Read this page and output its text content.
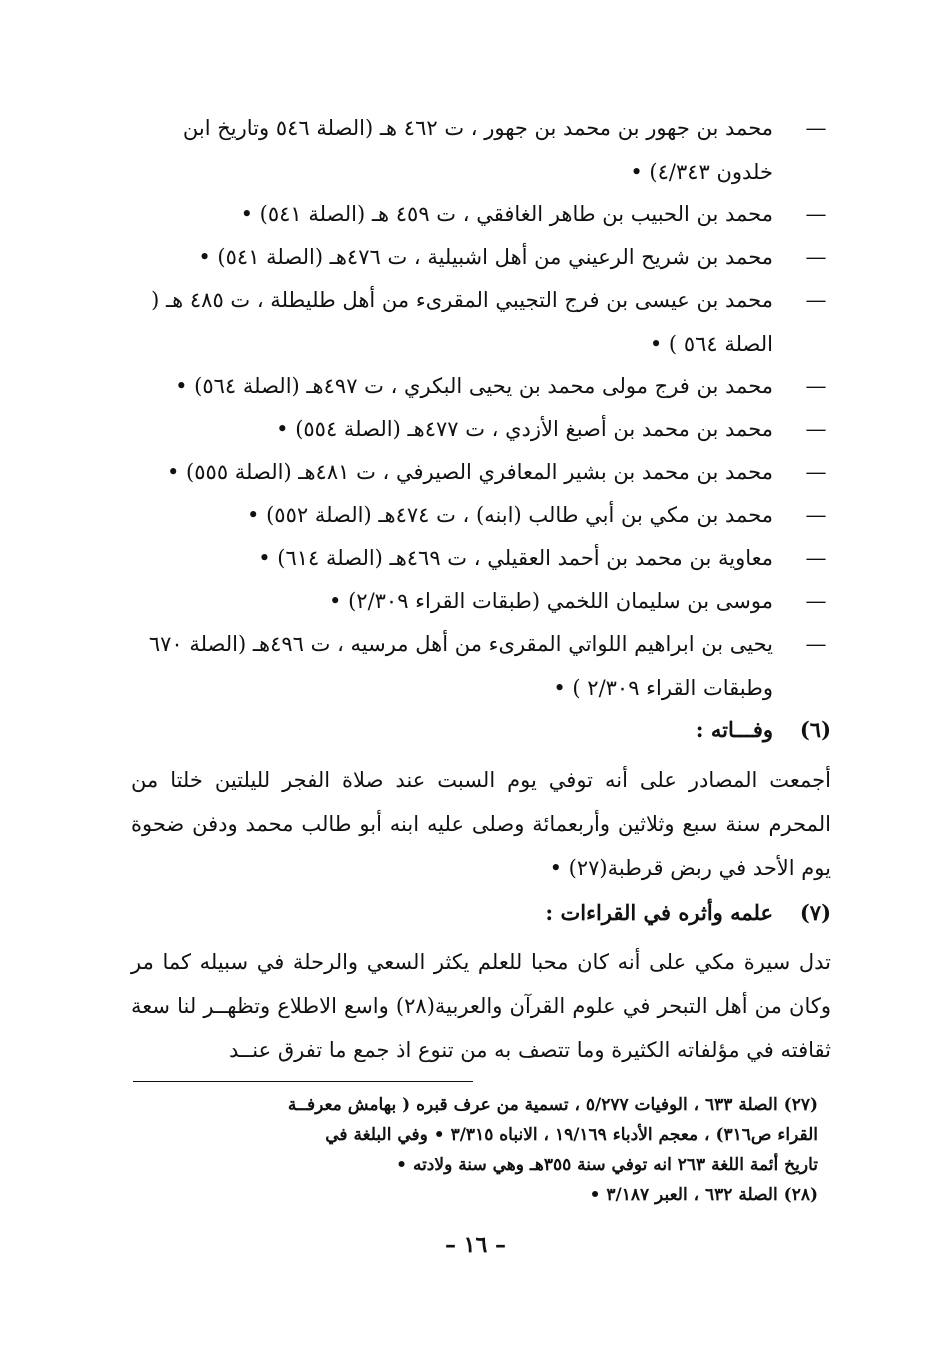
—
محمد بن جهور بن محمد بن جهور ، ت ٤٦٢ هـ (الصلة ٥٤٦ وتاريخ ابن خلدون ٤/٣٤٣) •
—
محمد بن الحبيب بن طاهر الغافقي ، ت ٤٥٩ هـ (الصلة ٥٤١) •
—
محمد بن شريح الرعيني من أهل اشبيلية ، ت ٤٧٦هـ (الصلة ٥٤١) •
—
محمد بن عيسى بن فرج التجيبي المقرىء من أهل طليطلة ، ت ٤٨٥ هـ ( الصلة ٥٦٤ ) •
—
محمد بن فرج مولى محمد بن يحيى البكري ، ت ٤٩٧هـ (الصلة ٥٦٤) •
—
محمد بن محمد بن أصبغ الأزدي ، ت ٤٧٧هـ (الصلة ٥٥٤) •
—
محمد بن محمد بن بشير المعافري الصيرفي ، ت ٤٨١هـ (الصلة ٥٥٥) •
—
محمد بن مكي بن أبي طالب (ابنه) ، ت ٤٧٤هـ (الصلة ٥٥٢) •
—
معاوية بن محمد بن أحمد العقيلي ، ت ٤٦٩هـ (الصلة ٦١٤) •
—
موسى بن سليمان اللخمي (طبقات القراء ٢/٣٠٩) •
—
يحيى بن ابراهيم اللواتي المقرىء من أهل مرسيه ، ت ٤٩٦هـ (الصلة ٦٧٠ وطبقات القراء ٢/٣٠٩ ) •
(٦)وفـــاته :
أجمعت المصادر على أنه توفي يوم السبت عند صلاة الفجر لليلتين خلتا من المحرم سنة سبع وثلاثين وأربعمائة وصلى عليه ابنه أبو طالب محمد ودفن ضحوة يوم الأحد في ربض قرطبة(٢٧) •
(٧)علمه وأثره في القراءات :
تدل سيرة مكي على أنه كان محبا للعلم يكثر السعي والرحلة في سبيله كما مر وكان من أهل التبحر في علوم القرآن والعربية(٢٨) واسع الاطلاع وتظهــر لنا سعة ثقافته في مؤلفاته الكثيرة وما تتصف به من تنوع اذ جمع ما تفرق عنــد
(٢٧) الصلة ٦٣٣ ، الوفيات ٥/٢٧٧ ، تسمية من عرف قبره ( بهامش معرفــة
القراء ص٣١٦) ، معجم الأدباء ١٩/١٦٩ ، الانباه ٣/٣١٥ • وفي البلغة في
تاريخ أئمة اللغة ٢٦٣ انه توفي سنة ٣٥٥هـ وهي سنة ولادته •
(٢٨) الصلة ٦٣٢ ، العبر ٣/١٨٧ •
– ١٦ –
